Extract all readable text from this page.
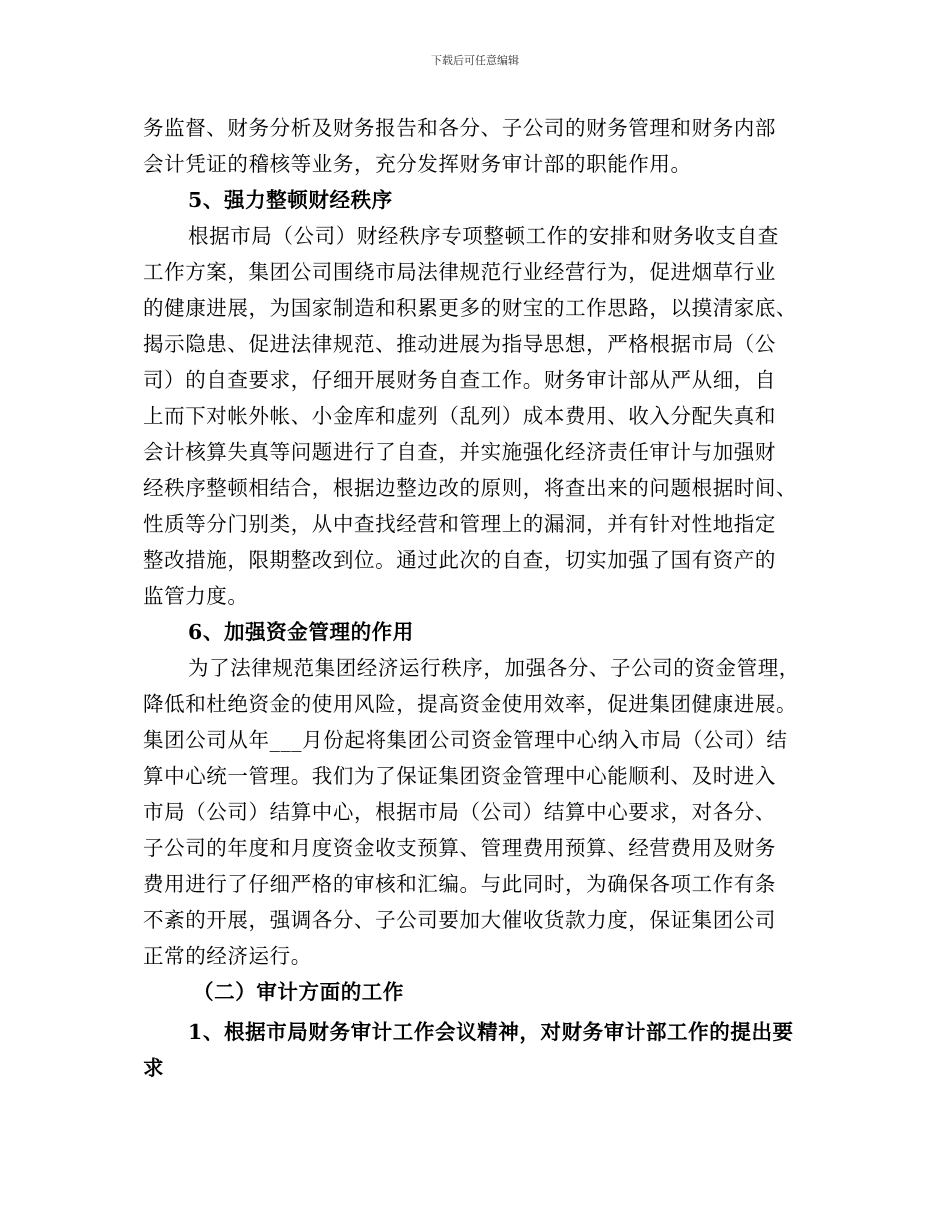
下载后可任意编辑
务监督、财务分析及财务报告和各分、子公司的财务管理和财务内部
会计凭证的稽核等业务，充分发挥财务审计部的职能作用。
5、强力整顿财经秩序
根据市局（公司）财经秩序专项整顿工作的安排和财务收支自查
工作方案，集团公司围绕市局法律规范行业经营行为，促进烟草行业
的健康进展，为国家制造和积累更多的财宝的工作思路，以摸清家底、
揭示隐患、促进法律规范、推动进展为指导思想，严格根据市局（公
司）的自查要求，仔细开展财务自查工作。财务审计部从严从细，自
上而下对帐外帐、小金库和虚列（乱列）成本费用、收入分配失真和
会计核算失真等问题进行了自查，并实施强化经济责任审计与加强财
经秩序整顿相结合，根据边整边改的原则，将查出来的问题根据时间、
性质等分门别类，从中查找经营和管理上的漏洞，并有针对性地指定
整改措施，限期整改到位。通过此次的自查，切实加强了国有资产的
监管力度。
6、加强资金管理的作用
为了法律规范集团经济运行秩序，加强各分、子公司的资金管理，
降低和杜绝资金的使用风险，提高资金使用效率，促进集团健康进展。
集团公司从年___月份起将集团公司资金管理中心纳入市局（公司）结
算中心统一管理。我们为了保证集团资金管理中心能顺利、及时进入
市局（公司）结算中心，根据市局（公司）结算中心要求，对各分、
子公司的年度和月度资金收支预算、管理费用预算、经营费用及财务
费用进行了仔细严格的审核和汇编。与此同时，为确保各项工作有条
不紊的开展，强调各分、子公司要加大催收货款力度，保证集团公司
正常的经济运行。
（二）审计方面的工作
1、根据市局财务审计工作会议精神，对财务审计部工作的提出要
求
